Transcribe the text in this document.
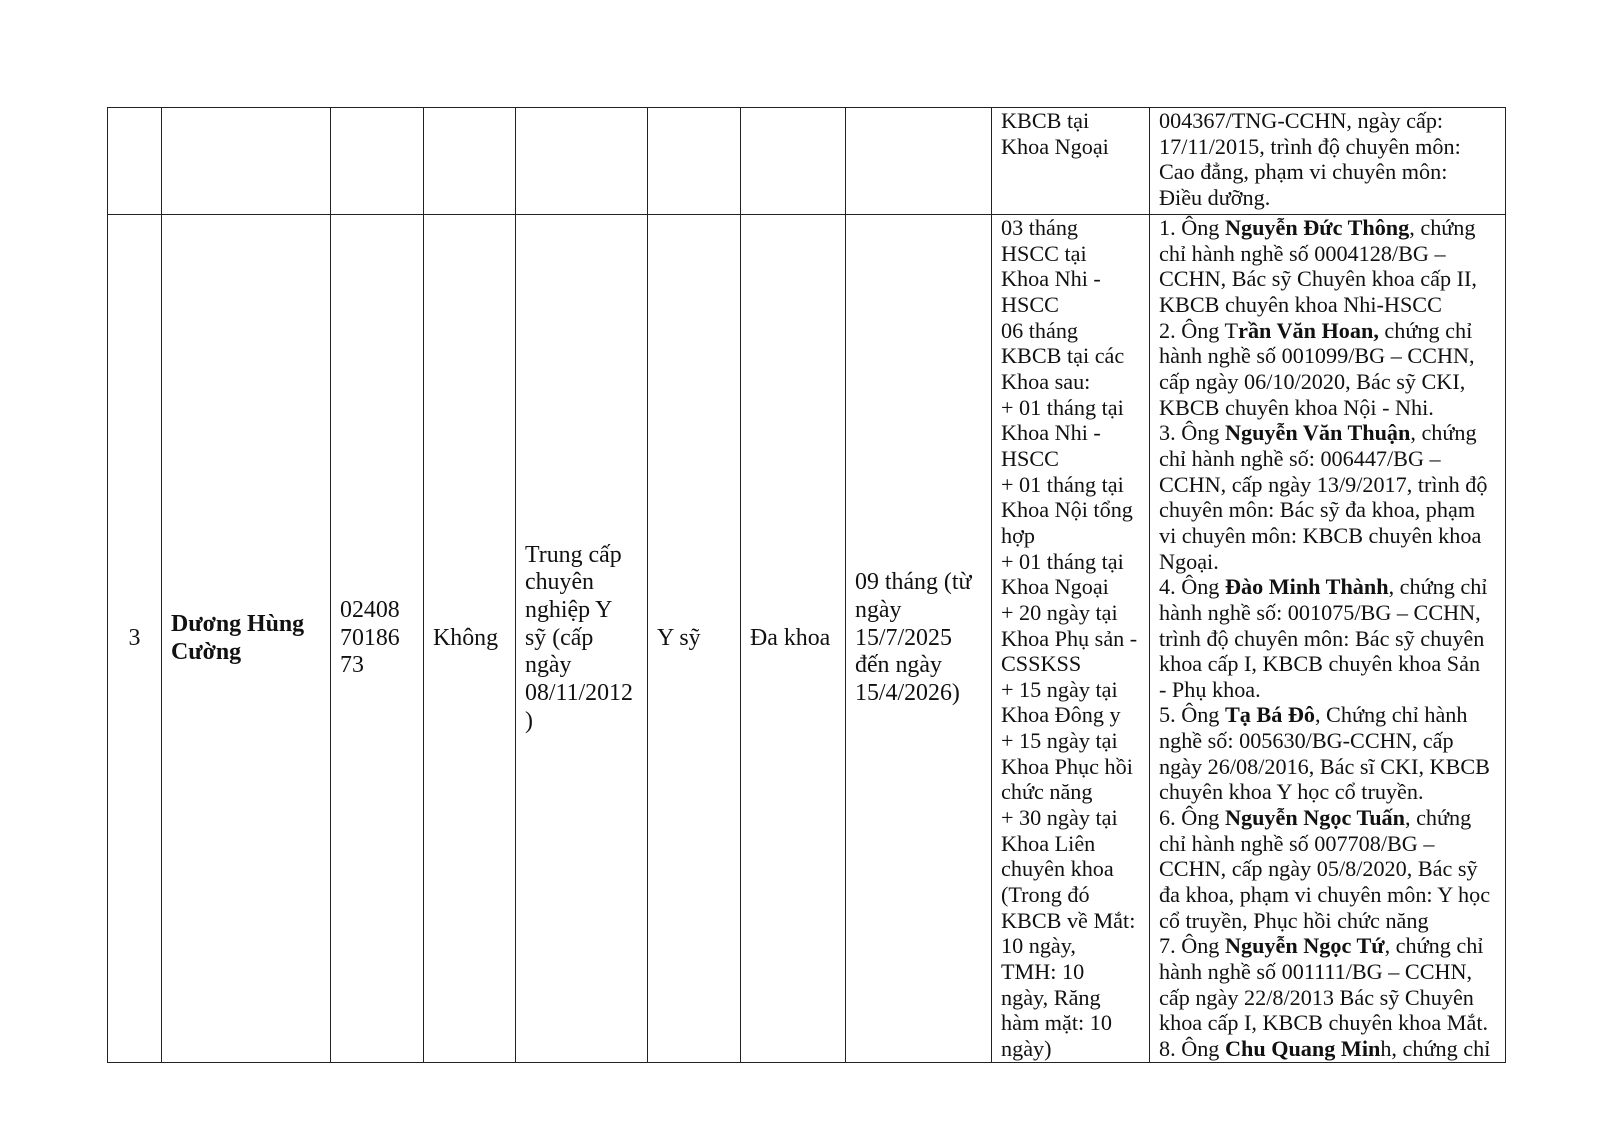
KBCB tại
Khoa Ngoại
004367/TNG-CCHN, ngày cấp:
17/11/2015, trình độ chuyên môn:
Cao đẳng, phạm vi chuyên môn:
Điều dưỡng.
3
Dương Hùng
Cường
02408
70186
73
Không
Trung cấp
chuyên
nghiệp Y
sỹ (cấp
ngày
08/11/2012
)
Y sỹ	Đa khoa
09 tháng (từ
ngày
15/7/2025
đến ngày
15/4/2026)
03 tháng
HSCC tại
Khoa Nhi -
HSCC
06 tháng
KBCB tại các
Khoa sau:
+ 01 tháng tại
Khoa Nhi -
HSCC
+ 01 tháng tại
Khoa Nội tổng
hợp
+ 01 tháng tại
Khoa Ngoại
+ 20 ngày tại
Khoa Phụ sản -
CSSKSS
+ 15 ngày tại
Khoa Đông y
+ 15 ngày tại
Khoa Phục hồi
chức năng
+ 30 ngày tại
Khoa Liên
chuyên khoa
(Trong đó
KBCB về Mắt:
10 ngày,
TMH: 10
ngày, Răng
hàm mặt: 10
ngày)
1. Ông Nguyễn Đức Thông, chứng
chỉ hành nghề số 0004128/BG –
CCHN, Bác sỹ Chuyên khoa cấp II,
KBCB chuyên khoa Nhi-HSCC
2. Ông Trần Văn Hoan, chứng chỉ
hành nghề số 001099/BG – CCHN,
cấp ngày 06/10/2020, Bác sỹ CKI,
KBCB chuyên khoa Nội - Nhi.
3. Ông Nguyễn Văn Thuận, chứng
chỉ hành nghề số: 006447/BG –
CCHN, cấp ngày 13/9/2017, trình độ
chuyên môn: Bác sỹ đa khoa, phạm
vi chuyên môn: KBCB chuyên khoa
Ngoại.
4. Ông Đào Minh Thành, chứng chỉ
hành nghề số: 001075/BG – CCHN,
trình độ chuyên môn: Bác sỹ chuyên
khoa cấp I, KBCB chuyên khoa Sản
- Phụ khoa.
5. Ông Tạ Bá Đô, Chứng chỉ hành
nghề số: 005630/BG-CCHN, cấp
ngày 26/08/2016, Bác sĩ CKI, KBCB
chuyên khoa Y học cổ truyền.
6. Ông Nguyễn Ngọc Tuấn, chứng
chỉ hành nghề số 007708/BG –
CCHN, cấp ngày 05/8/2020, Bác sỹ
đa khoa, phạm vi chuyên môn: Y học
cổ truyền, Phục hồi chức năng
7. Ông Nguyễn Ngọc Tứ, chứng chỉ
hành nghề số 001111/BG – CCHN,
cấp ngày 22/8/2013 Bác sỹ Chuyên
khoa cấp I, KBCB chuyên khoa Mắt.
8. Ông Chu Quang Minh, chứng chỉ
